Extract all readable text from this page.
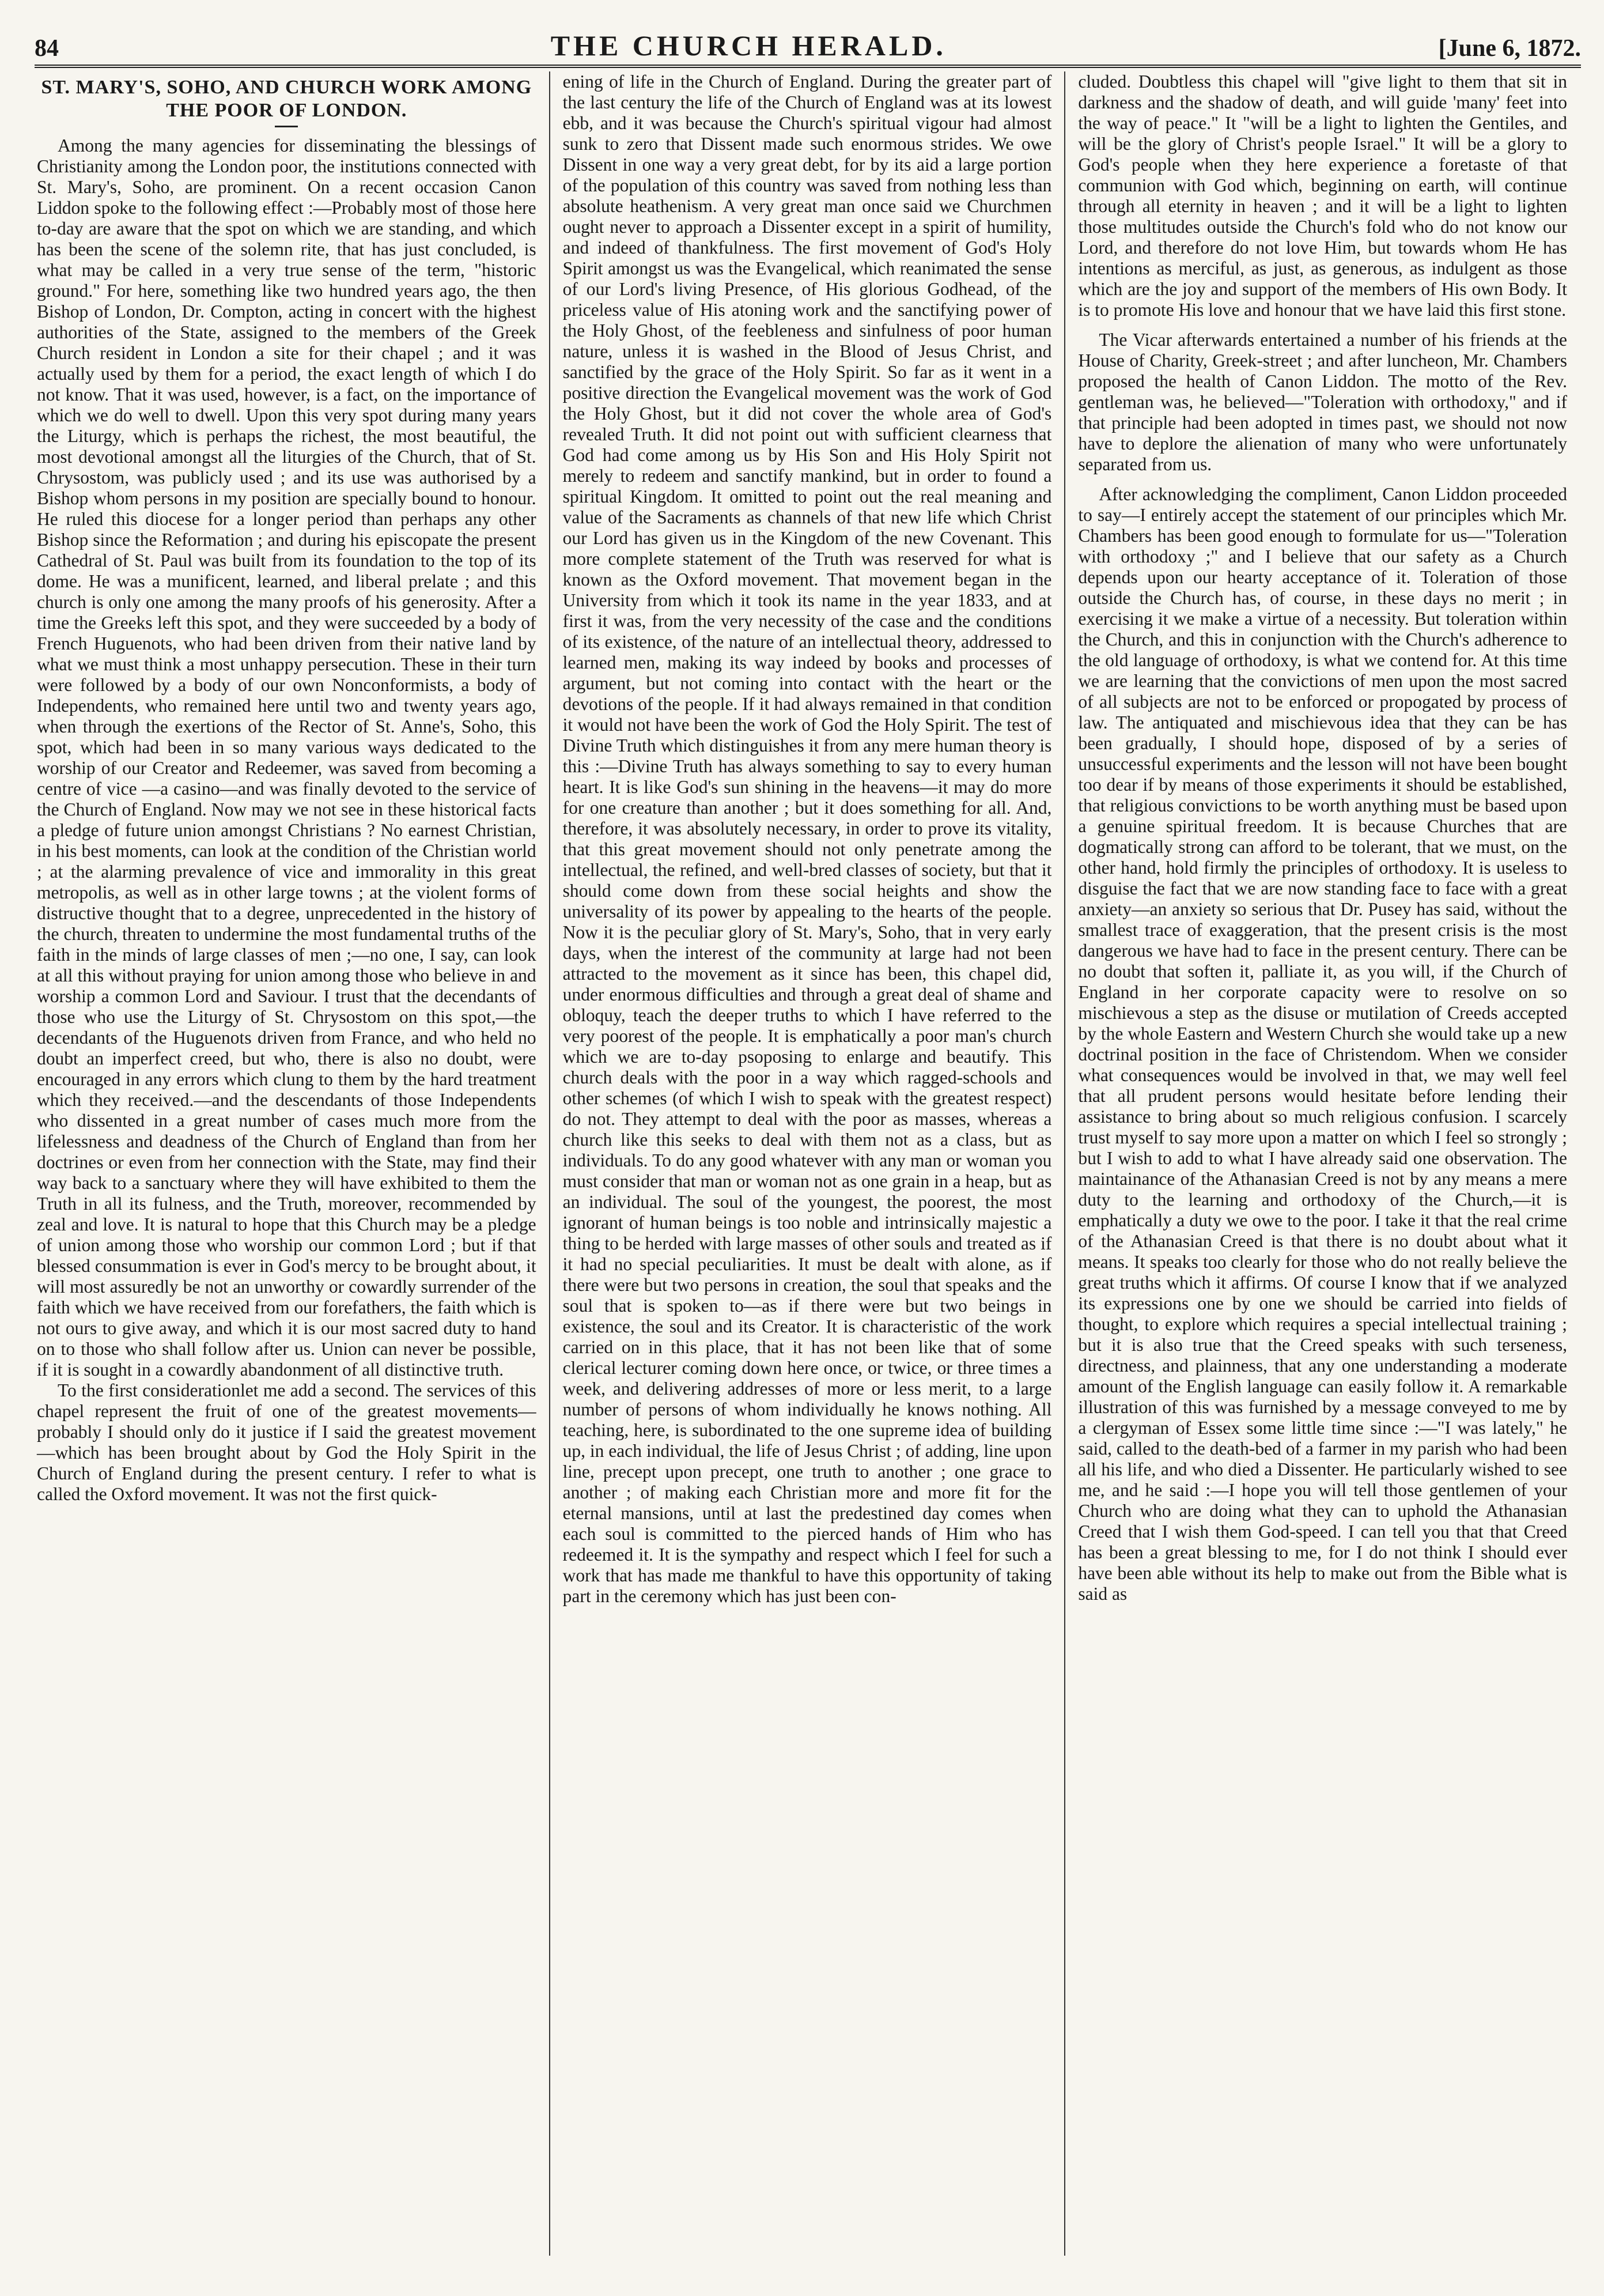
84	THE CHURCH HERALD.	[June 6, 1872.
ST. MARY'S, SOHO, AND CHURCH WORK AMONG THE POOR OF LONDON.

Among the many agencies for disseminating the blessings of Christianity among the London poor, the institutions connected with St. Mary's, Soho, are prominent. On a recent occasion Canon Liddon spoke to the following effect :—Probably most of those here to-day are aware that the spot on which we are standing, and which has been the scene of the solemn rite, that has just concluded, is what may be called in a very true sense of the term, "historic ground." For here, something like two hundred years ago, the then Bishop of London, Dr. Compton, acting in concert with the highest authorities of the State, assigned to the members of the Greek Church resident in London a site for their chapel ; and it was actually used by them for a period, the exact length of which I do not know. That it was used, however, is a fact, on the importance of which we do well to dwell. Upon this very spot during many years the Liturgy, which is perhaps the richest, the most beautiful, the most devotional amongst all the liturgies of the Church, that of St. Chrysostom, was publicly used ; and its use was authorised by a Bishop whom persons in my position are specially bound to honour. He ruled this diocese for a longer period than perhaps any other Bishop since the Reformation ; and during his episcopate the present Cathedral of St. Paul was built from its foundation to the top of its dome. He was a munificent, learned, and liberal prelate ; and this church is only one among the many proofs of his generosity. After a time the Greeks left this spot, and they were succeeded by a body of French Huguenots, who had been driven from their native land by what we must think a most unhappy persecution. These in their turn were followed by a body of our own Nonconformists, a body of Independents, who remained here until two and twenty years ago, when through the exertions of the Rector of St. Anne's, Soho, this spot, which had been in so many various ways dedicated to the worship of our Creator and Redeemer, was saved from becoming a centre of vice —a casino—and was finally devoted to the service of the Church of England. Now may we not see in these historical facts a pledge of future union amongst Christians ? No earnest Christian, in his best moments, can look at the condition of the Christian world ; at the alarming prevalence of vice and immorality in this great metropolis, as well as in other large towns ; at the violent forms of distructive thought that to a degree, unprecedented in the history of the church, threaten to undermine the most fundamental truths of the faith in the minds of large classes of men ;—no one, I say, can look at all this without praying for union among those who believe in and worship a common Lord and Saviour. I trust that the decendants of those who use the Liturgy of St. Chrysostom on this spot,—the decendants of the Huguenots driven from France, and who held no doubt an imperfect creed, but who, there is also no doubt, were encouraged in any errors which clung to them by the hard treatment which they received.—and the descendants of those Independents who dissented in a great number of cases much more from the lifelessness and deadness of the Church of England than from her doctrines or even from her connection with the State, may find their way back to a sanctuary where they will have exhibited to them the Truth in all its fulness, and the Truth, moreover, recommended by zeal and love. It is natural to hope that this Church may be a pledge of union among those who worship our common Lord ; but if that blessed consummation is ever in God's mercy to be brought about, it will most assuredly be not an unworthy or cowardly surrender of the faith which we have received from our forefathers, the faith which is not ours to give away, and which it is our most sacred duty to hand on to those who shall follow after us. Union can never be possible, if it is sought in a cowardly abandonment of all distinctive truth.

To the first considerationlet me add a second. The services of this chapel represent the fruit of one of the greatest movements—probably I should only do it justice if I said the greatest movement—which has been brought about by God the Holy Spirit in the Church of England during the present century. I refer to what is called the Oxford movement. It was not the first quick-

ening of life in the Church of England. During the greater part of the last century the life of the Church of England was at its lowest ebb, and it was because the Church's spiritual vigour had almost sunk to zero that Dissent made such enormous strides. We owe Dissent in one way a very great debt, for by its aid a large portion of the population of this country was saved from nothing less than absolute heathenism. A very great man once said we Churchmen ought never to approach a Dissenter except in a spirit of humility, and indeed of thankfulness. The first movement of God's Holy Spirit amongst us was the Evangelical, which reanimated the sense of our Lord's living Presence, of His glorious Godhead, of the priceless value of His atoning work and the sanctifying power of the Holy Ghost, of the feebleness and sinfulness of poor human nature, unless it is washed in the Blood of Jesus Christ, and sanctified by the grace of the Holy Spirit. So far as it went in a positive direction the Evangelical movement was the work of God the Holy Ghost, but it did not cover the whole area of God's revealed Truth. It did not point out with sufficient clearness that God had come among us by His Son and His Holy Spirit not merely to redeem and sanctify mankind, but in order to found a spiritual Kingdom. It omitted to point out the real meaning and value of the Sacraments as channels of that new life which Christ our Lord has given us in the Kingdom of the new Covenant. This more complete statement of the Truth was reserved for what is known as the Oxford movement. That movement began in the University from which it took its name in the year 1833, and at first it was, from the very necessity of the case and the conditions of its existence, of the nature of an intellectual theory, addressed to learned men, making its way indeed by books and processes of argument, but not coming into contact with the heart or the devotions of the people. If it had always remained in that condition it would not have been the work of God the Holy Spirit. The test of Divine Truth which distinguishes it from any mere human theory is this :—Divine Truth has always something to say to every human heart. It is like God's sun shining in the heavens—it may do more for one creature than another ; but it does something for all. And, therefore, it was absolutely necessary, in order to prove its vitality, that this great movement should not only penetrate among the intellectual, the refined, and well-bred classes of society, but that it should come down from these social heights and show the universality of its power by appealing to the hearts of the people. Now it is the peculiar glory of St. Mary's, Soho, that in very early days, when the interest of the community at large had not been attracted to the movement as it since has been, this chapel did, under enormous difficulties and through a great deal of shame and obloquy, teach the deeper truths to which I have referred to the very poorest of the people. It is emphatically a poor man's church which we are to-day psoposing to enlarge and beautify. This church deals with the poor in a way which ragged-schools and other schemes (of which I wish to speak with the greatest respect) do not. They attempt to deal with the poor as masses, whereas a church like this seeks to deal with them not as a class, but as individuals. To do any good whatever with any man or woman you must consider that man or woman not as one grain in a heap, but as an individual. The soul of the youngest, the poorest, the most ignorant of human beings is too noble and intrinsically majestic a thing to be herded with large masses of other souls and treated as if it had no special peculiarities. It must be dealt with alone, as if there were but two persons in creation, the soul that speaks and the soul that is spoken to—as if there were but two beings in existence, the soul and its Creator. It is characteristic of the work carried on in this place, that it has not been like that of some clerical lecturer coming down here once, or twice, or three times a week, and delivering addresses of more or less merit, to a large number of persons of whom individually he knows nothing. All teaching, here, is subordinated to the one supreme idea of building up, in each individual, the life of Jesus Christ ; of adding, line upon line, precept upon precept, one truth to another ; one grace to another ; of making each Christian more and more fit for the eternal mansions, until at last the predestined day comes when each soul is committed to the pierced hands of Him who has redeemed it. It is the sympathy and respect which I feel for such a work that has made me thankful to have this opportunity of taking part in the ceremony which has just been con-

cluded. Doubtless this chapel will "give light to them that sit in darkness and the shadow of death, and will guide 'many' feet into the way of peace." It "will be a light to lighten the Gentiles, and will be the glory of Christ's people Israel." It will be a glory to God's people when they here experience a foretaste of that communion with God which, beginning on earth, will continue through all eternity in heaven ; and it will be a light to lighten those multitudes outside the Church's fold who do not know our Lord, and therefore do not love Him, but towards whom He has intentions as merciful, as just, as generous, as indulgent as those which are the joy and support of the members of His own Body. It is to promote His love and honour that we have laid this first stone.

The Vicar afterwards entertained a number of his friends at the House of Charity, Greek-street ; and after luncheon, Mr. Chambers proposed the health of Canon Liddon. The motto of the Rev. gentleman was, he believed—"Toleration with orthodoxy," and if that principle had been adopted in times past, we should not now have to deplore the alienation of many who were unfortunately separated from us.

After acknowledging the compliment, Canon Liddon proceeded to say—I entirely accept the statement of our principles which Mr. Chambers has been good enough to formulate for us—"Toleration with orthodoxy ;" and I believe that our safety as a Church depends upon our hearty acceptance of it. Toleration of those outside the Church has, of course, in these days no merit ; in exercising it we make a virtue of a necessity. But toleration within the Church, and this in conjunction with the Church's adherence to the old language of orthodoxy, is what we contend for. At this time we are learning that the convictions of men upon the most sacred of all subjects are not to be enforced or propogated by process of law. The antiquated and mischievous idea that they can be has been gradually, I should hope, disposed of by a series of unsuccessful experiments and the lesson will not have been bought too dear if by means of those experiments it should be established, that religious convictions to be worth anything must be based upon a genuine spiritual freedom. It is because Churches that are dogmatically strong can afford to be tolerant, that we must, on the other hand, hold firmly the principles of orthodoxy. It is useless to disguise the fact that we are now standing face to face with a great anxiety—an anxiety so serious that Dr. Pusey has said, without the smallest trace of exaggeration, that the present crisis is the most dangerous we have had to face in the present century. There can be no doubt that soften it, palliate it, as you will, if the Church of England in her corporate capacity were to resolve on so mischievous a step as the disuse or mutilation of Creeds accepted by the whole Eastern and Western Church she would take up a new doctrinal position in the face of Christendom. When we consider what consequences would be involved in that, we may well feel that all prudent persons would hesitate before lending their assistance to bring about so much religious confusion. I scarcely trust myself to say more upon a matter on which I feel so strongly ; but I wish to add to what I have already said one observation. The maintainance of the Athanasian Creed is not by any means a mere duty to the learning and orthodoxy of the Church,—it is emphatically a duty we owe to the poor. I take it that the real crime of the Athanasian Creed is that there is no doubt about what it means. It speaks too clearly for those who do not really believe the great truths which it affirms. Of course I know that if we analyzed its expressions one by one we should be carried into fields of thought, to explore which requires a special intellectual training ; but it is also true that the Creed speaks with such terseness, directness, and plainness, that any one understanding a moderate amount of the English language can easily follow it. A remarkable illustration of this was furnished by a message conveyed to me by a clergyman of Essex some little time since :—"I was lately," he said, called to the death-bed of a farmer in my parish who had been all his life, and who died a Dissenter. He particularly wished to see me, and he said :—I hope you will tell those gentlemen of your Church who are doing what they can to uphold the Athanasian Creed that I wish them God-speed. I can tell you that that Creed has been a great blessing to me, for I do not think I should ever have been able without its help to make out from the Bible what is said as
